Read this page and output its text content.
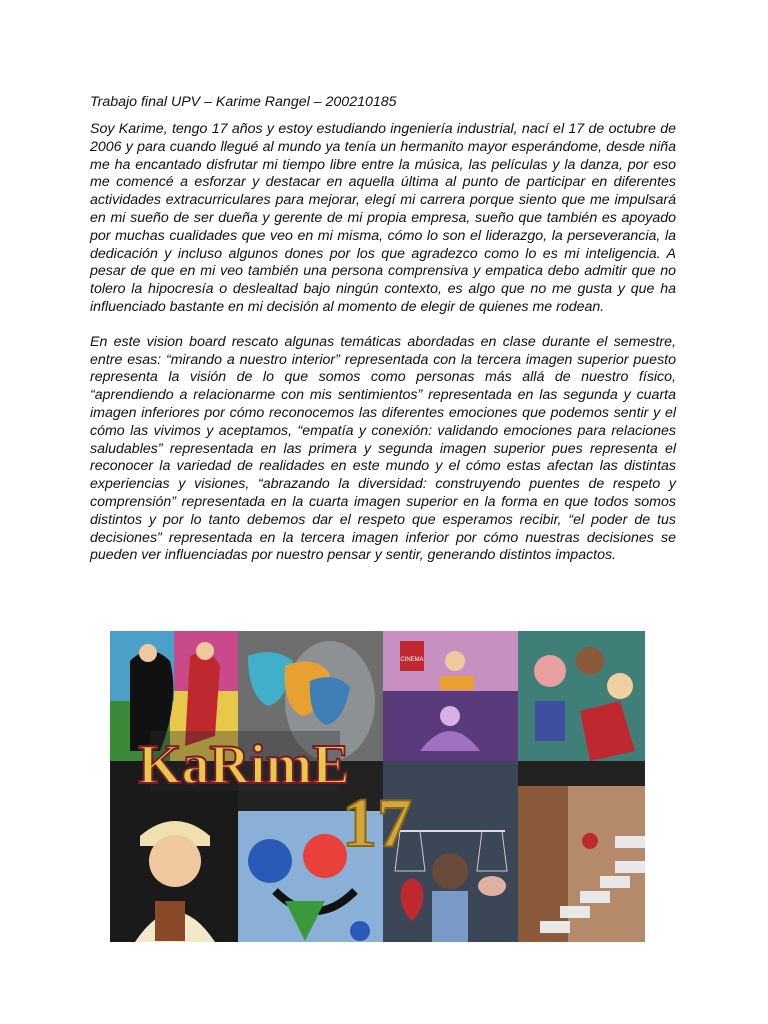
Trabajo final UPV – Karime Rangel – 200210185

Soy Karime, tengo 17 años y estoy estudiando ingeniería industrial, nací el 17 de octubre de 2006 y para cuando llegué al mundo ya tenía un hermanito mayor esperándome, desde niña me ha encantado disfrutar mi tiempo libre entre la música, las películas y la danza, por eso me comencé a esforzar y destacar en aquella última al punto de participar en diferentes actividades extracurriculares para mejorar, elegí mi carrera porque siento que me impulsará en mi sueño de ser dueña y gerente de mi propia empresa, sueño que también es apoyado por muchas cualidades que veo en mi misma, cómo lo son el liderazgo, la perseverancia, la dedicación y incluso algunos dones por los que agradezco como lo es mi inteligencia. A pesar de que en mi veo también una persona comprensiva y empatica debo admitir que no tolero la hipocresía o deslealtad bajo ningún contexto, es algo que no me gusta y que ha influenciado bastante en mi decisión al momento de elegir de quienes me rodean.

En este vision board rescato algunas temáticas abordadas en clase durante el semestre, entre esas: “mirando a nuestro interior” representada con la tercera imagen superior puesto representa la visión de lo que somos como personas más allá de nuestro físico, “aprendiendo a relacionarme con mis sentimientos” representada en las segunda y cuarta imagen inferiores por cómo reconocemos las diferentes emociones que podemos sentir y el cómo las vivimos y aceptamos, “empatía y conexión: validando emociones para relaciones saludables” representada en las primera y segunda imagen superior pues representa el reconocer la variedad de realidades en este mundo y el cómo estas afectan las distintas experiencias y visiones, “abrazando la diversidad: construyendo puentes de respeto y comprensión” representada en la cuarta imagen superior en la forma en que todos somos distintos y por lo tanto debemos dar el respeto que esperamos recibir, “el poder de tus decisiones” representada en la tercera imagen inferior por cómo nuestras decisiones se pueden ver influenciadas por nuestro pensar y sentir, generando distintos impactos.

CINEMA
KaRimE
17
